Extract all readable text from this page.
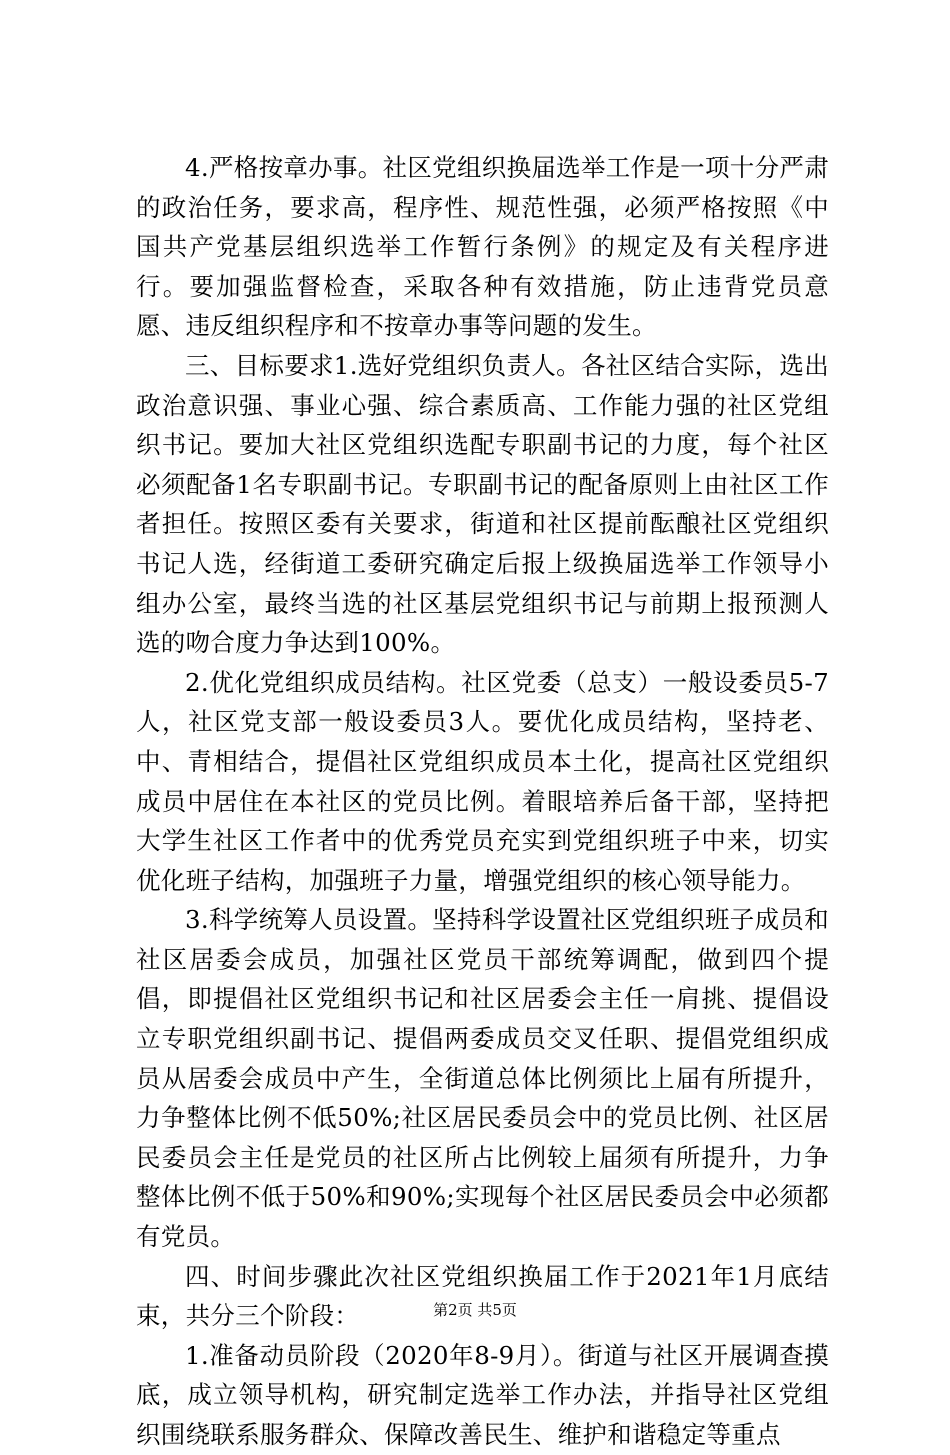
4.严格按章办事。社区党组织换届选举工作是一项十分严肃的政治任务，要求高，程序性、规范性强，必须严格按照《中国共产党基层组织选举工作暂行条例》的规定及有关程序进行。要加强监督检查，采取各种有效措施，防止违背党员意愿、违反组织程序和不按章办事等问题的发生。

三、目标要求1.选好党组织负责人。各社区结合实际，选出政治意识强、事业心强、综合素质高、工作能力强的社区党组织书记。要加大社区党组织选配专职副书记的力度，每个社区必须配备1名专职副书记。专职副书记的配备原则上由社区工作者担任。按照区委有关要求，街道和社区提前酝酿社区党组织书记人选，经街道工委研究确定后报上级换届选举工作领导小组办公室，最终当选的社区基层党组织书记与前期上报预测人选的吻合度力争达到100%。

2.优化党组织成员结构。社区党委（总支）一般设委员5-7人，社区党支部一般设委员3人。要优化成员结构，坚持老、中、青相结合，提倡社区党组织成员本土化，提高社区党组织成员中居住在本社区的党员比例。着眼培养后备干部，坚持把大学生社区工作者中的优秀党员充实到党组织班子中来，切实优化班子结构，加强班子力量，增强党组织的核心领导能力。

3.科学统筹人员设置。坚持科学设置社区党组织班子成员和社区居委会成员，加强社区党员干部统筹调配，做到四个提倡，即提倡社区党组织书记和社区居委会主任一肩挑、提倡设立专职党组织副书记、提倡两委成员交叉任职、提倡党组织成员从居委会成员中产生，全街道总体比例须比上届有所提升，力争整体比例不低50%;社区居民委员会中的党员比例、社区居民委员会主任是党员的社区所占比例较上届须有所提升，力争整体比例不低于50%和90%;实现每个社区居民委员会中必须都有党员。

四、时间步骤此次社区党组织换届工作于2021年1月底结束，共分三个阶段：

1.准备动员阶段（2020年8-9月）。街道与社区开展调查摸底，成立领导机构，研究制定选举工作办法，并指导社区党组织围绕联系服务群众、保障改善民生、维护和谐稳定等重点

第2页 共5页
